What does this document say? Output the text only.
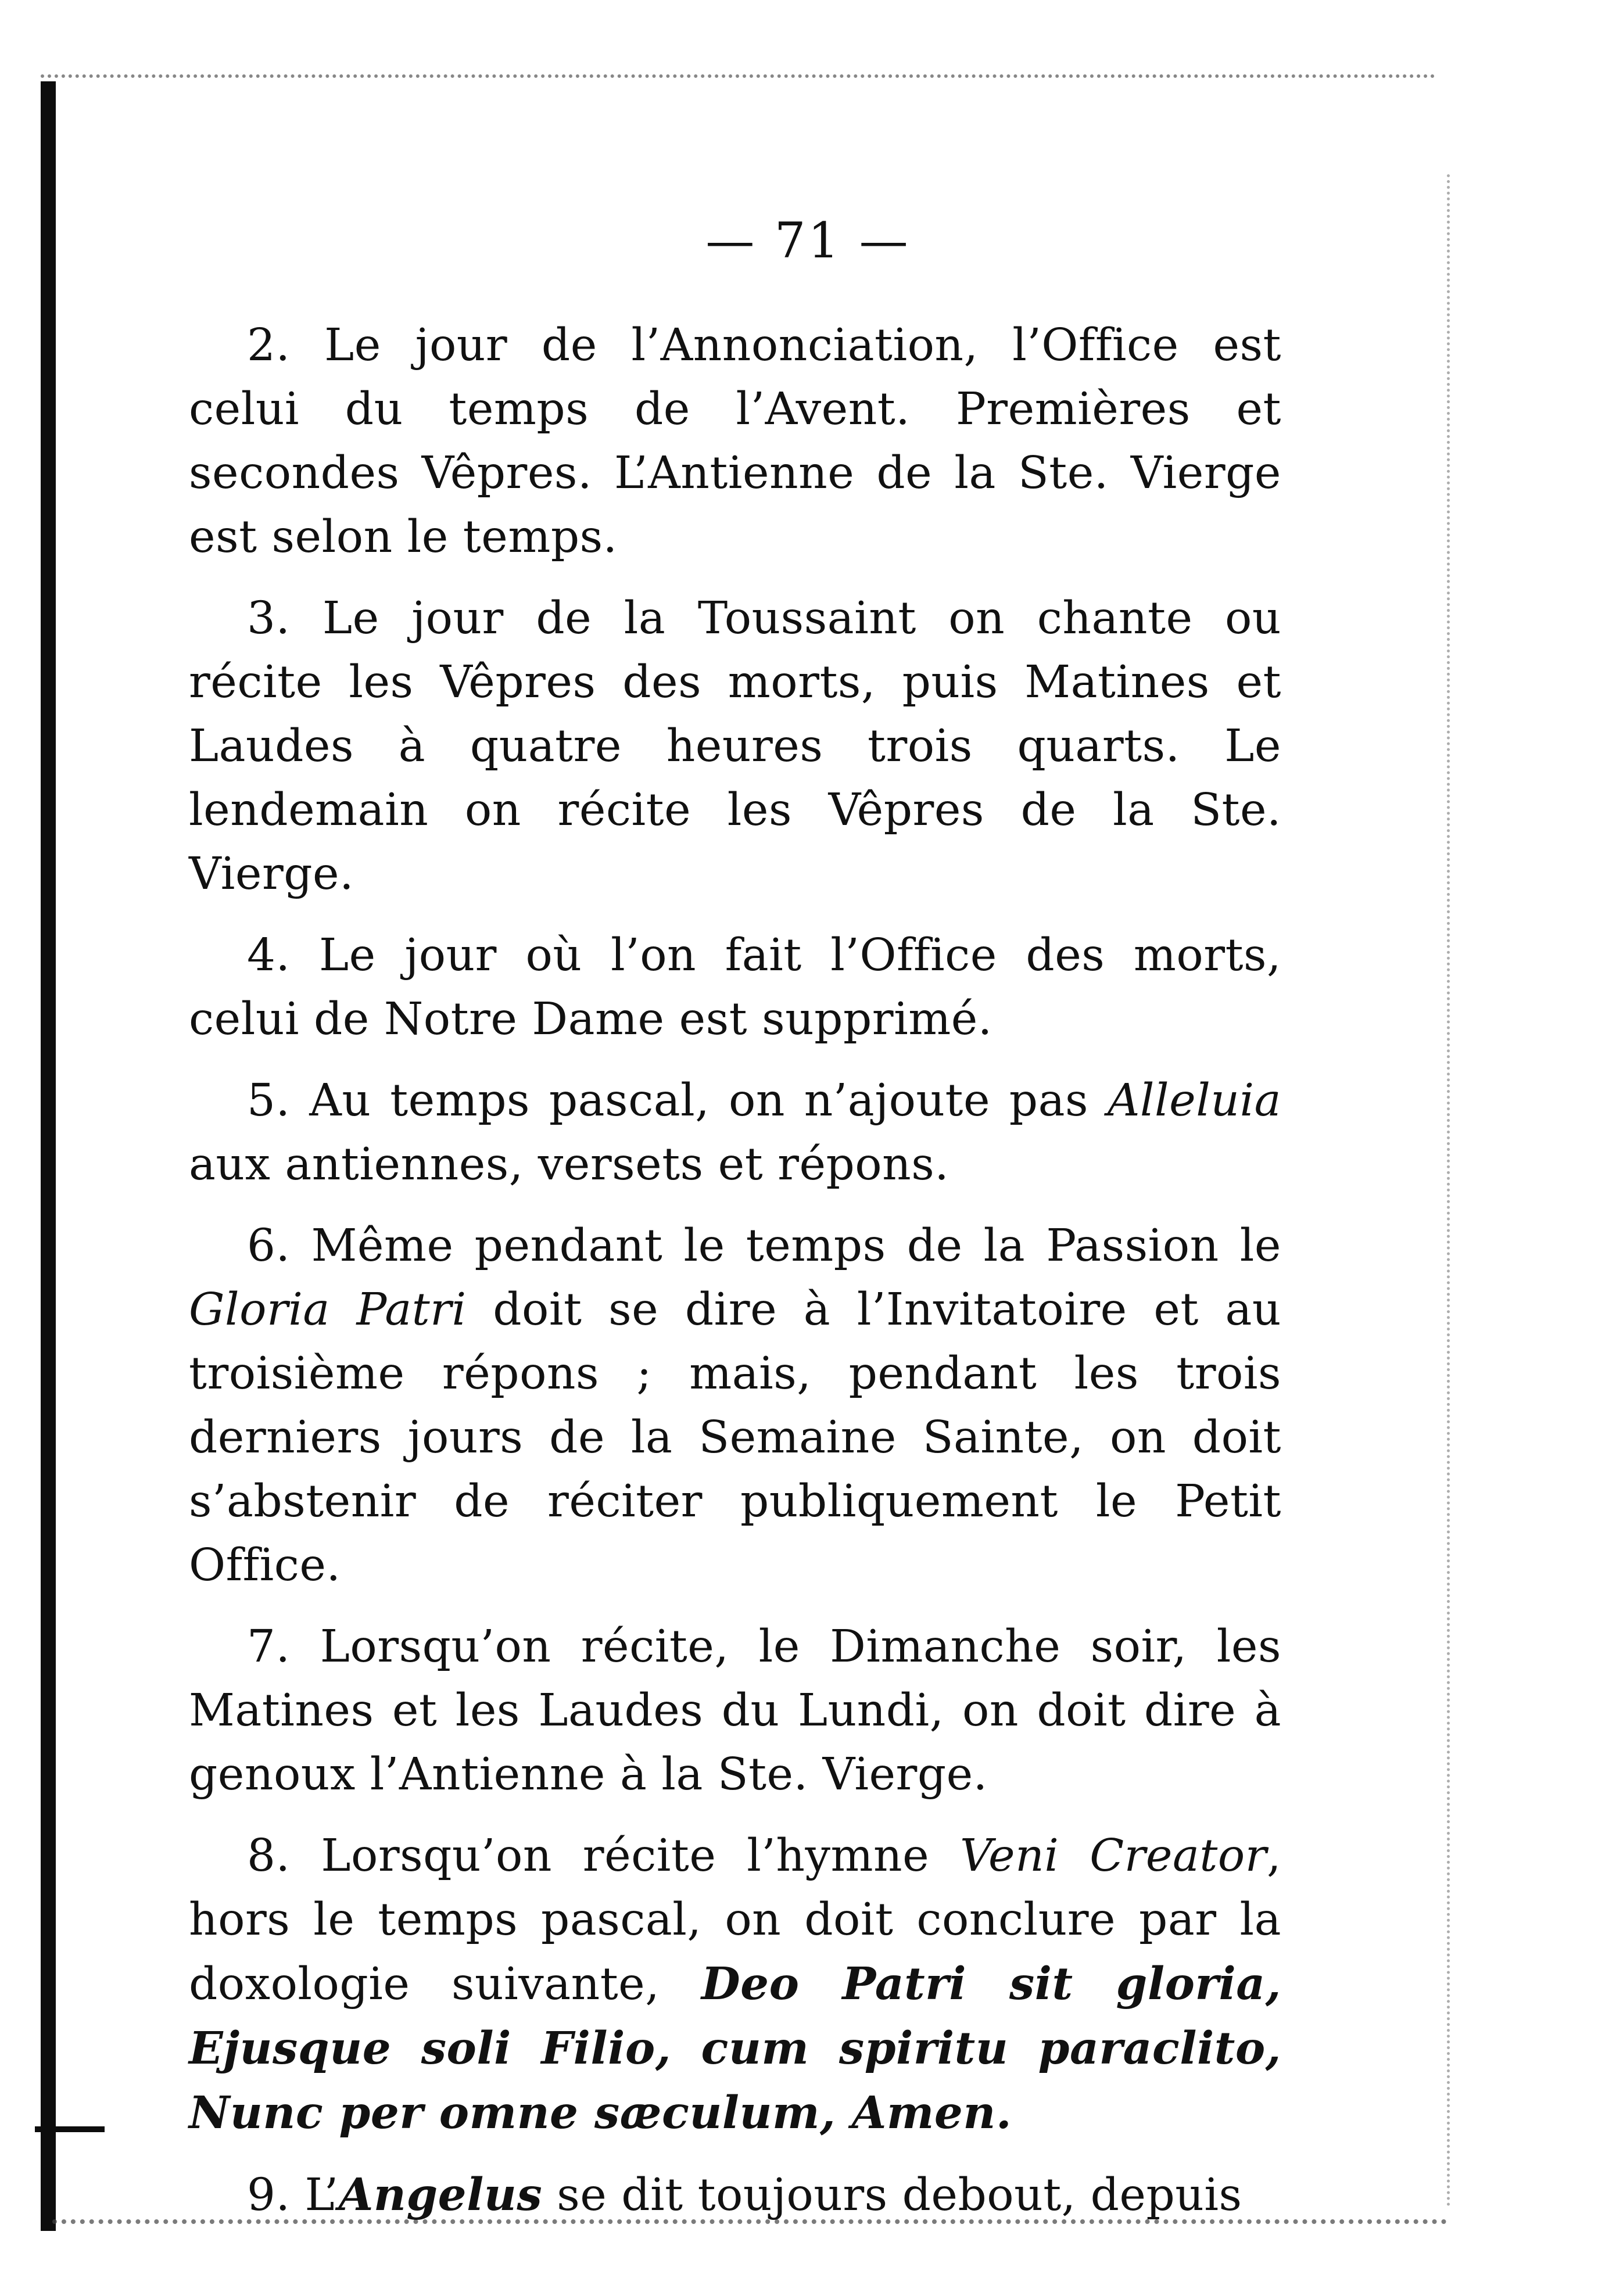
— 71 —

2. Le jour de l’Annonciation, l’Office est celui du temps de l’Avent. Premières et secondes Vêpres. L’Antienne de la Ste. Vierge est selon le temps.

3. Le jour de la Toussaint on chante ou récite les Vêpres des morts, puis Matines et Laudes à quatre heures trois quarts. Le lendemain on récite les Vêpres de la Ste. Vierge.

4. Le jour où l’on fait l’Office des morts, celui de Notre Dame est supprimé.

5. Au temps pascal, on n’ajoute pas Alleluia aux antiennes, versets et répons.

6. Même pendant le temps de la Passion le Gloria Patri doit se dire à l’Invitatoire et au troisième répons ; mais, pendant les trois derniers jours de la Semaine Sainte, on doit s’abstenir de réciter publiquement le Petit Office.

7. Lorsqu’on récite, le Dimanche soir, les Matines et les Laudes du Lundi, on doit dire à genoux l’Antienne à la Ste. Vierge.

8. Lorsqu’on récite l’hymne Veni Creator, hors le temps pascal, on doit conclure par la doxologie suivante, Deo Patri sit gloria, Ejusque soli Filio, cum spiritu paraclito, Nunc per omne sæculum, Amen.

9. L’Angelus se dit toujours debout, depuis
